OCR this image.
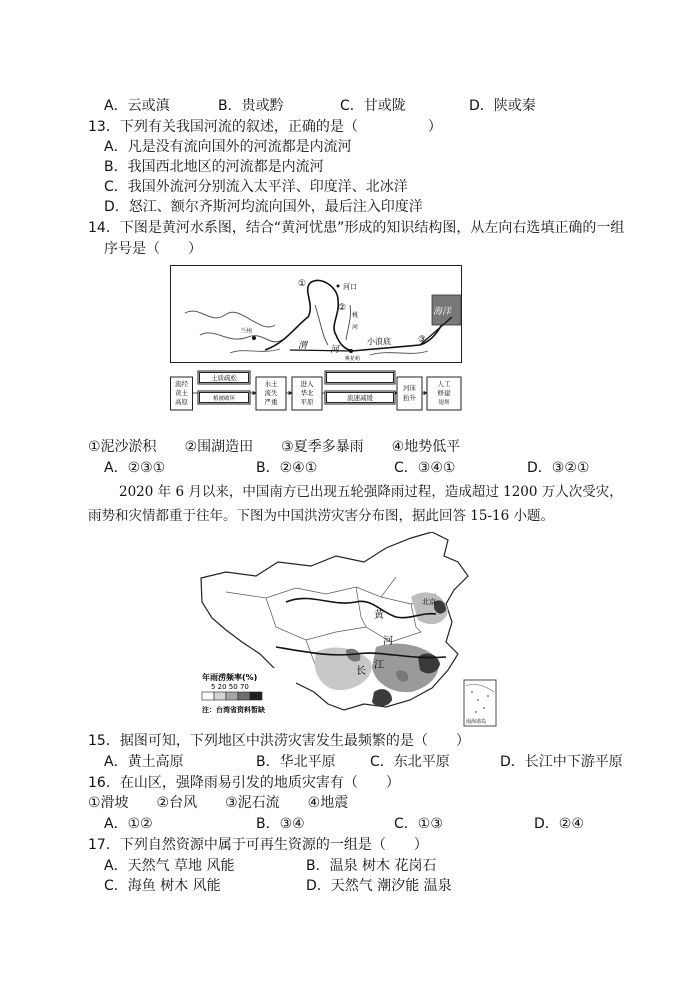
A．云或滇	B．贵或黔	C．甘或陇	D．陕或秦
13．下列有关我国河流的叙述，正确的是（　　　　　）
A．凡是没有流向国外的河流都是内流河
B．我国西北地区的河流都是内流河
C．我国外流河分别流入太平洋、印度洋、北冰洋
D．怒江、额尔齐斯河均流向国外，最后注入印度洋
14．下图是黄河水系图，结合“黄河忧患”形成的知识结构图，从左向右选填正确的一组
序号是（　　）
①
②
③
河口
桃
河
兰州
小浪底
海洋
渭	河
桃花峪
流经
黄土
高原
土质疏松
植被破坏
水土
流失
严重
进入
华北
平原	流速减缓
河床
抬升
人工
修建
堤坝
①泥沙淤积　　②围湖造田　　③夏季多暴雨　　④地势低平
A．②③①	B．②④①	C．③④①	D．③②①
2020 年 6 月以来，中国南方已出现五轮强降雨过程，造成超过 1200 万人次受灾，
雨势和灾情都重于往年。下图为中国洪涝灾害分布图，据此回答 15-16 小题。
黄
河
长
江
北京
南海诸岛
年雨涝频率(%)
5 20 50 70
注：台湾省资料暂缺
15．据图可知，下列地区中洪涝灾害发生最频繁的是（　　）
A．黄土高原	B．华北平原 C．东北平原	D．长江中下游平原
16．在山区，强降雨易引发的地质灾害有（　　）
①滑坡　　②台风　　③泥石流　　④地震
A．①②	B．③④	C．①③	D．②④
17．下列自然资源中属于可再生资源的一组是（　　）
A．天然气 草地 风能	B．温泉 树木 花岗石
C．海鱼 树木 风能	D．天然气 潮汐能 温泉
